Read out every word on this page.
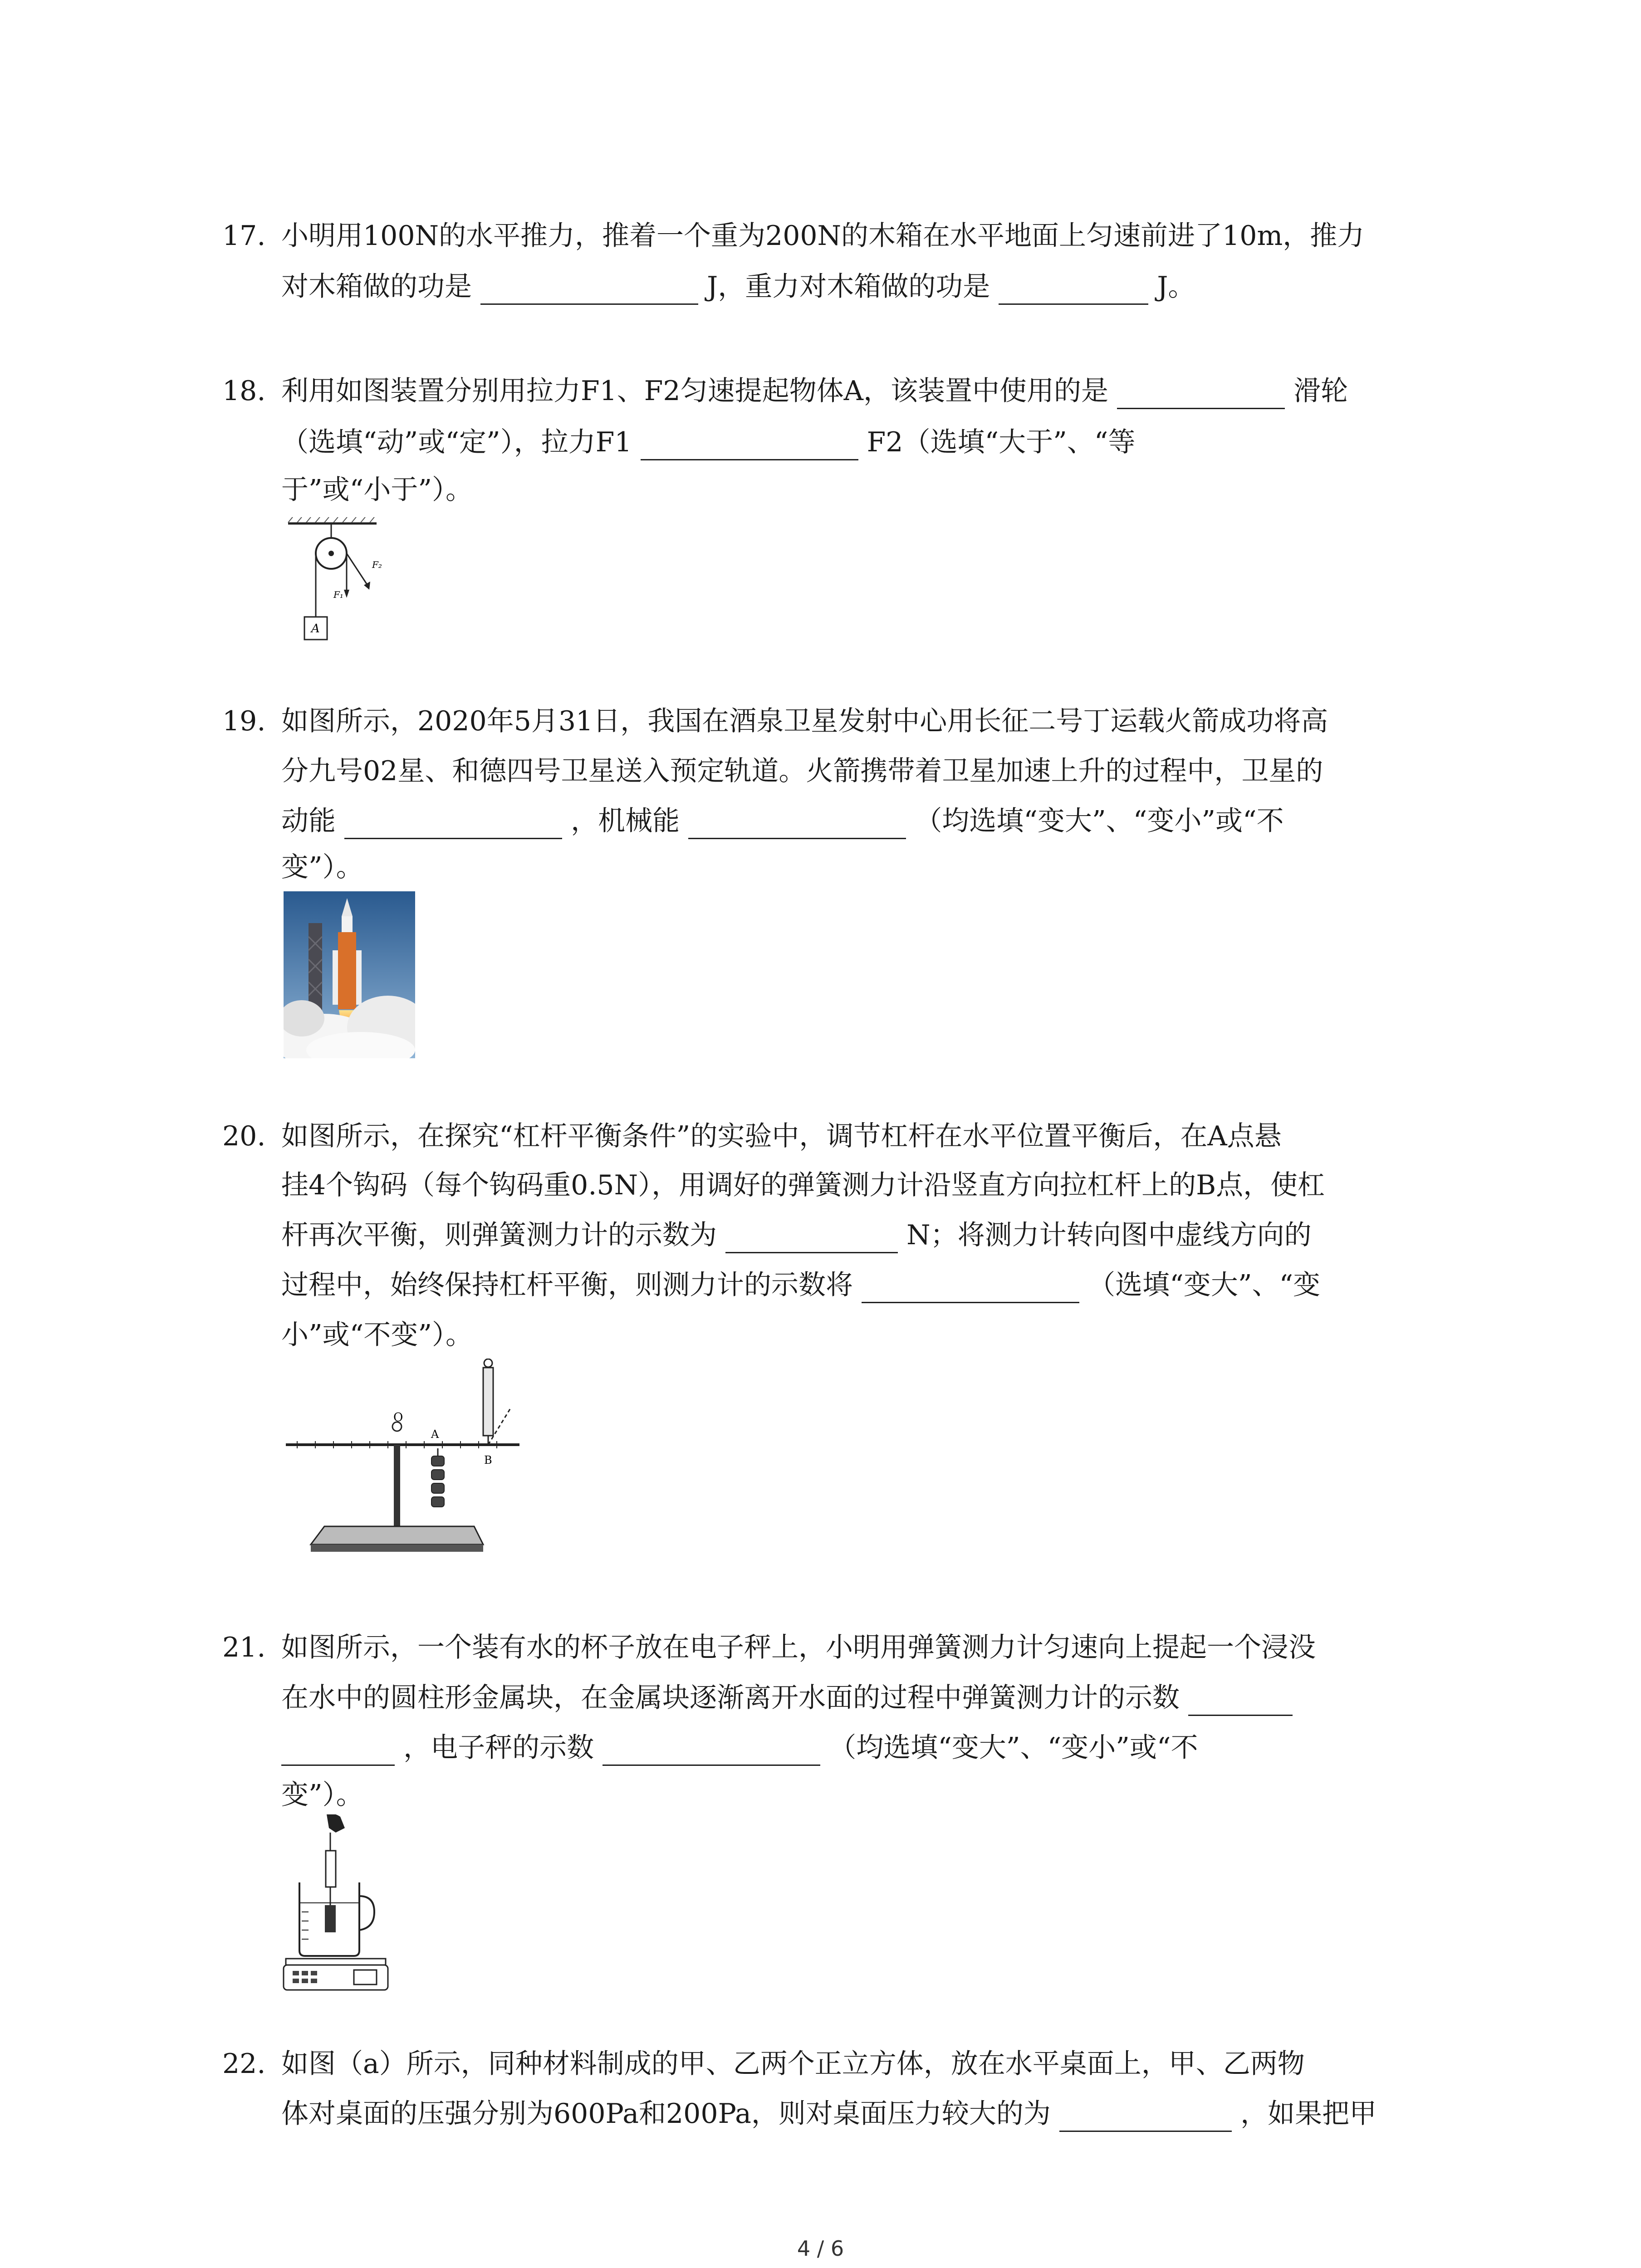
17. 小明用100N的水平推力，推着一个重为200N的木箱在水平地面上匀速前进了10m，推力
对木箱做的功是	J，重力对木箱做的功是	J。
18. 利用如图装置分别用拉力F1、F2匀速提起物体A，该装置中使用的是	滑轮
（选填“动”或“定”），拉力F1	F2（选填“大于”、“等
于”或“小于”）。
F₁
F₂
A
19. 如图所示，2020年5月31日，我国在酒泉卫星发射中心用长征二号丁运载火箭成功将高
分九号02星、和德四号卫星送入预定轨道。火箭携带着卫星加速上升的过程中，卫星的
动能	，机械能	（均选填“变大”、“变小”或“不
变”）。
20. 如图所示，在探究“杠杆平衡条件”的实验中，调节杠杆在水平位置平衡后，在A点悬
挂4个钩码（每个钩码重0.5N），用调好的弹簧测力计沿竖直方向拉杠杆上的B点，使杠
杆再次平衡，则弹簧测力计的示数为	N；将测力计转向图中虚线方向的
过程中，始终保持杠杆平衡，则测力计的示数将	（选填“变大”、“变
小”或“不变”）。
O
A
B
21. 如图所示，一个装有水的杯子放在电子秤上，小明用弹簧测力计匀速向上提起一个浸没
在水中的圆柱形金属块，在金属块逐渐离开水面的过程中弹簧测力计的示数
，电子秤的示数	（均选填“变大”、“变小”或“不
变”）。
22. 如图（a）所示，同种材料制成的甲、乙两个正立方体，放在水平桌面上，甲、乙两物
体对桌面的压强分别为600Pa和200Pa，则对桌面压力较大的为	，如果把甲
4 / 6
